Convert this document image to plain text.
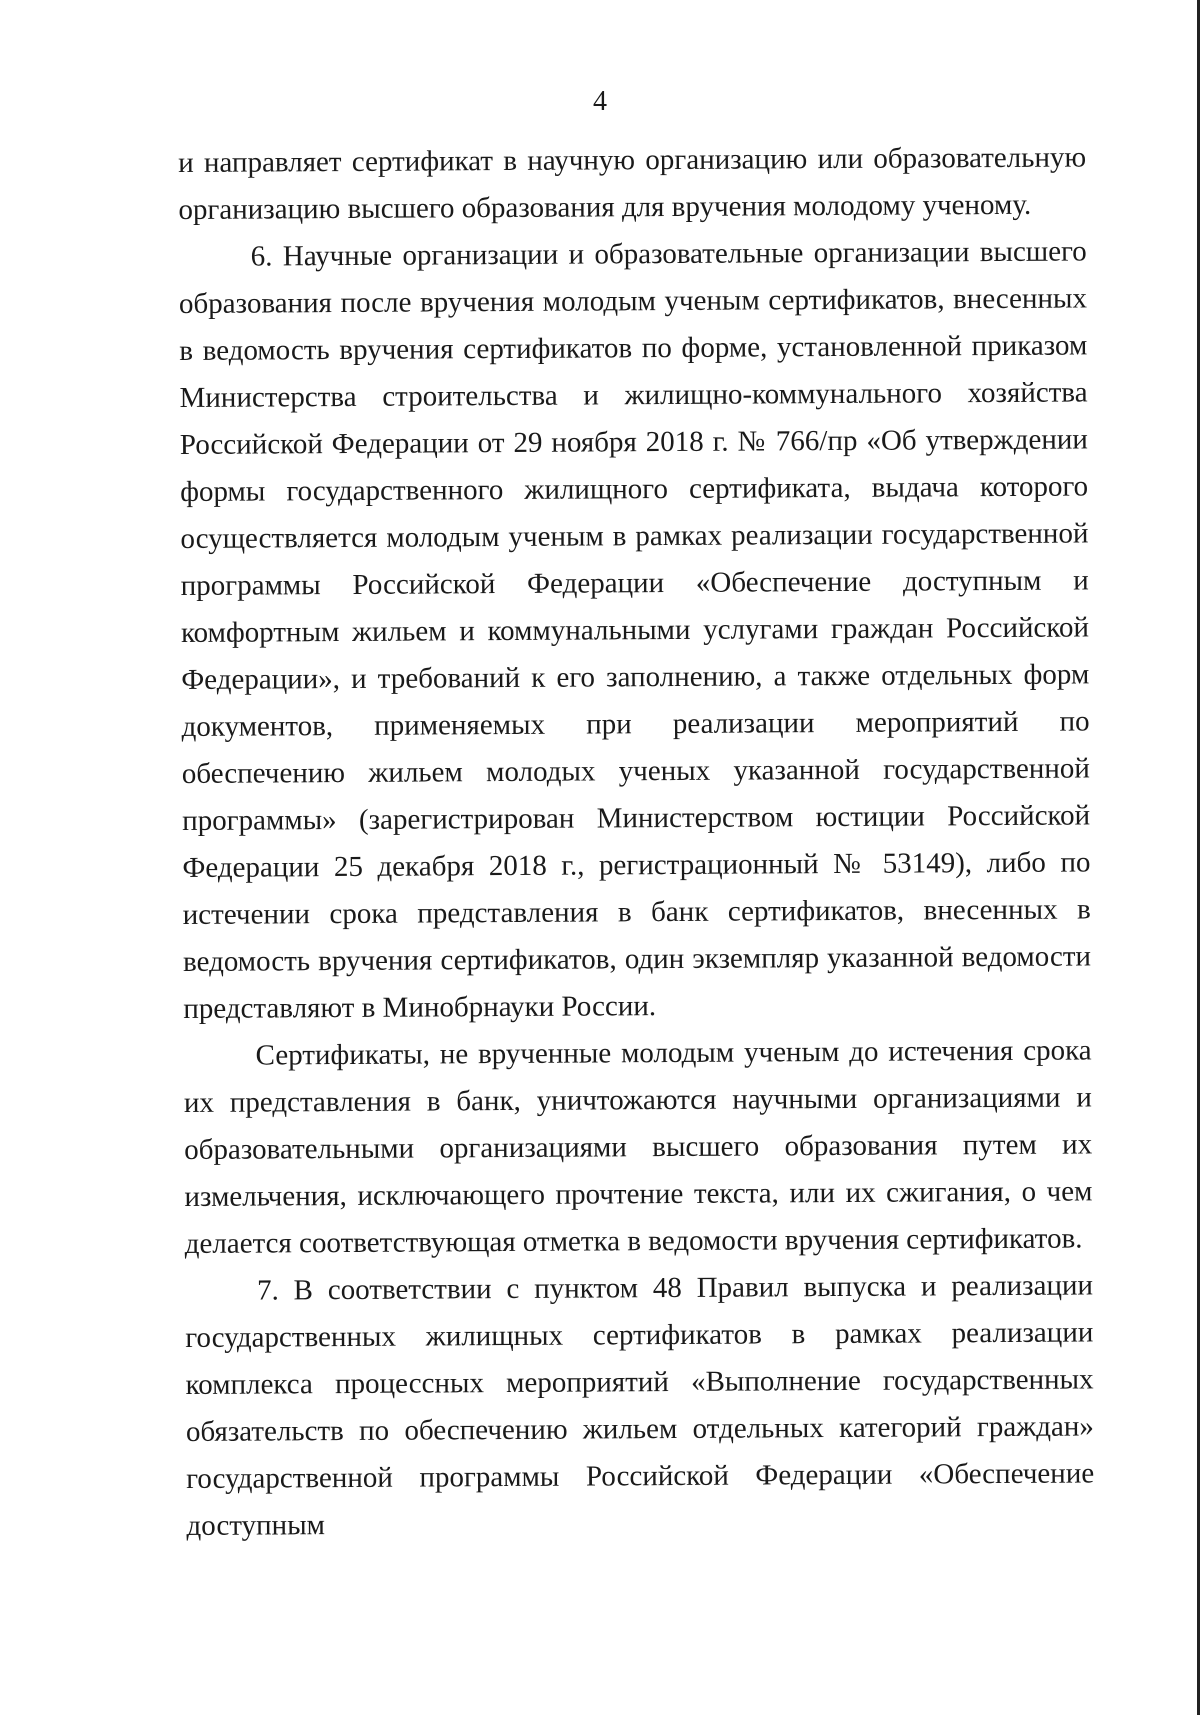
4

и направляет сертификат в научную организацию или образовательную организацию высшего образования для вручения молодому ученому.

6. Научные организации и образовательные организации высшего образования после вручения молодым ученым сертификатов, внесенных в ведомость вручения сертификатов по форме, установленной приказом Министерства строительства и жилищно-коммунального хозяйства Российской Федерации от 29 ноября 2018 г. № 766/пр «Об утверждении формы государственного жилищного сертификата, выдача которого осуществляется молодым ученым в рамках реализации государственной программы Российской Федерации «Обеспечение доступным и комфортным жильем и коммунальными услугами граждан Российской Федерации», и требований к его заполнению, а также отдельных форм документов, применяемых при реализации мероприятий по обеспечению жильем молодых ученых указанной государственной программы» (зарегистрирован Министерством юстиции Российской Федерации 25 декабря 2018 г., регистрационный № 53149), либо по истечении срока представления в банк сертификатов, внесенных в ведомость вручения сертификатов, один экземпляр указанной ведомости представляют в Минобрнауки России.

Сертификаты, не врученные молодым ученым до истечения срока их представления в банк, уничтожаются научными организациями и образовательными организациями высшего образования путем их измельчения, исключающего прочтение текста, или их сжигания, о чем делается соответствующая отметка в ведомости вручения сертификатов.

7. В соответствии с пунктом 48 Правил выпуска и реализации государственных жилищных сертификатов в рамках реализации комплекса процессных мероприятий «Выполнение государственных обязательств по обеспечению жильем отдельных категорий граждан» государственной программы Российской Федерации «Обеспечение доступным
